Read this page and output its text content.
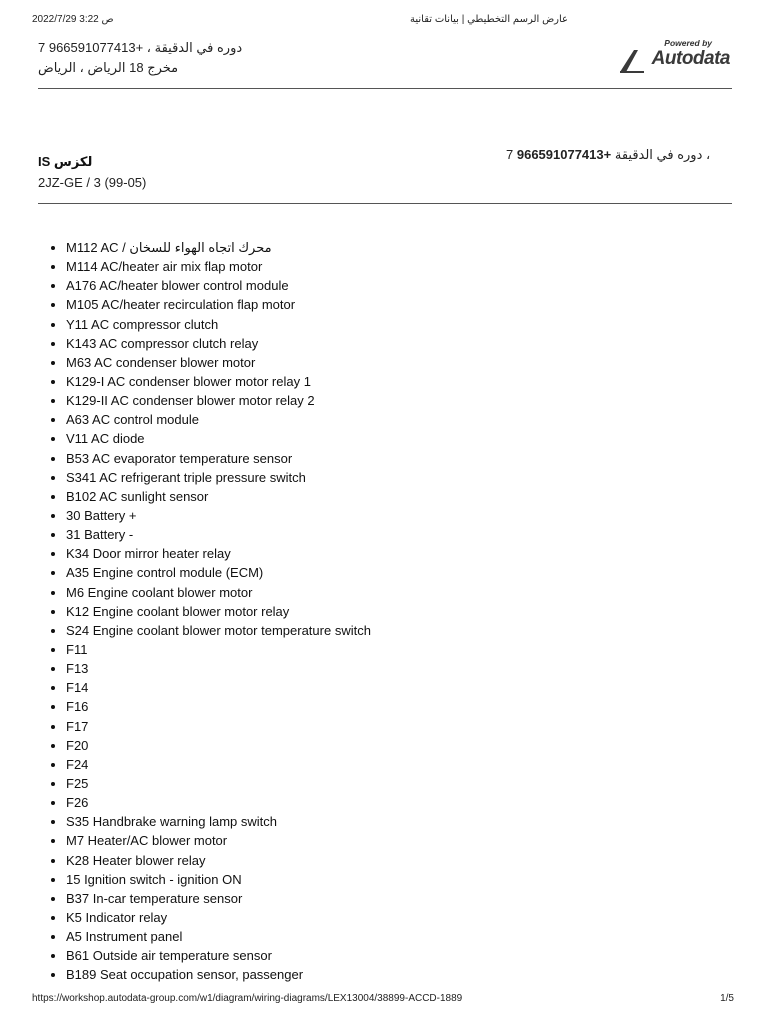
2022/7/29 3:22 ص	عارض الرسم التخطيطي | بيانات تقانية
7 966591077413+ ، دوره في الدقيقة
مخرج 18 الرياض ، الرياض
Powered by
Autodata
7 966591077413+ دوره في الدقيقة ،
لكزس IS
2JZ-GE / 3 (99-05)
• M112 AC / محرك اتجاه الهواء للسخان
• M114 AC/heater air mix flap motor
• A176 AC/heater blower control module
• M105 AC/heater recirculation flap motor
• Y11 AC compressor clutch
• K143 AC compressor clutch relay
• M63 AC condenser blower motor
• K129-I AC condenser blower motor relay 1
• K129-II AC condenser blower motor relay 2
• A63 AC control module
• V11 AC diode
• B53 AC evaporator temperature sensor
• S341 AC refrigerant triple pressure switch
• B102 AC sunlight sensor
• 30 Battery +
• 31 Battery -
• K34 Door mirror heater relay
• A35 Engine control module (ECM)
• M6 Engine coolant blower motor
• K12 Engine coolant blower motor relay
• S24 Engine coolant blower motor temperature switch
• F11
• F13
• F14
• F16
• F17
• F20
• F24
• F25
• F26
• S35 Handbrake warning lamp switch
• M7 Heater/AC blower motor
• K28 Heater blower relay
• 15 Ignition switch - ignition ON
• B37 In-car temperature sensor
• K5 Indicator relay
• A5 Instrument panel
• B61 Outside air temperature sensor
• B189 Seat occupation sensor, passenger
https://workshop.autodata-group.com/w1/diagram/wiring-diagrams/LEX13004/38899-ACCD-1889	1/5
